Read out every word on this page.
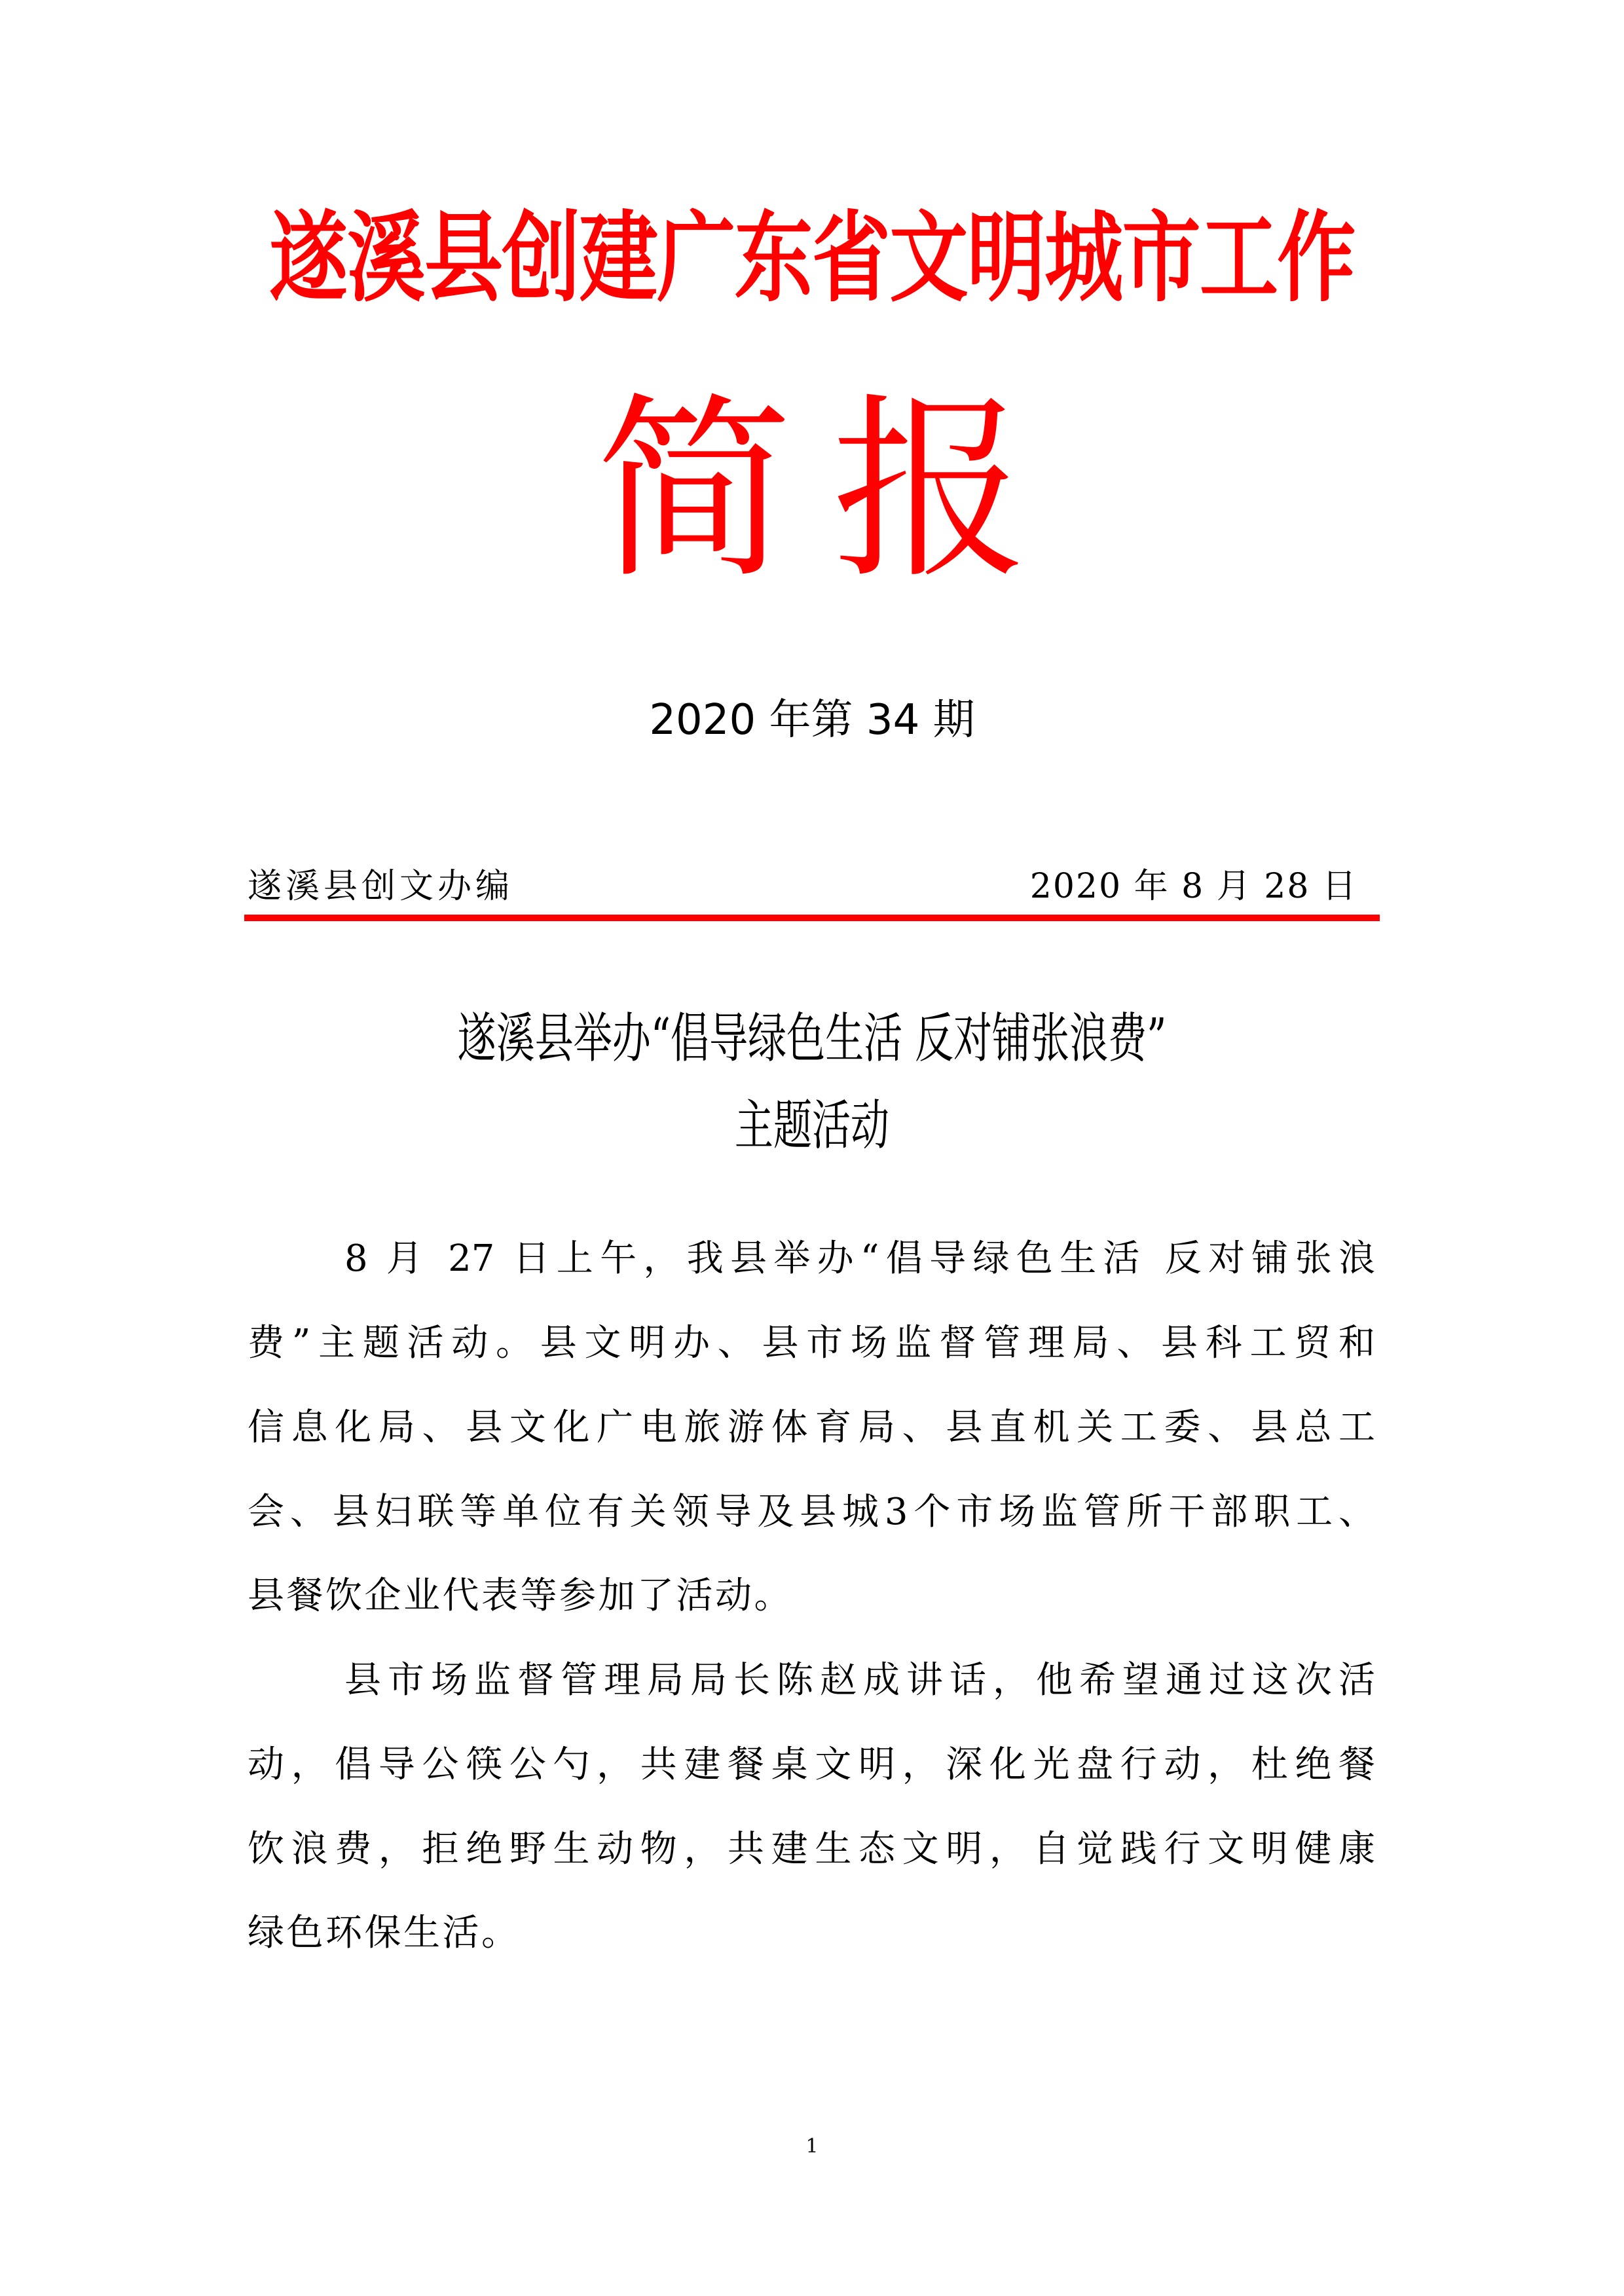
遂溪县创建广东省文明城市工作
简 报
2020 年第 34 期
遂溪县创文办编	2020 年 8 月 28 日
遂溪县举办“倡导绿色生活 反对铺张浪费”
主题活动
8 月 27 日上午，我县举办“倡导绿色生活 反对铺张浪
费”主题活动。县文明办、县市场监督管理局、县科工贸和
信息化局、县文化广电旅游体育局、县直机关工委、县总工
会、县妇联等单位有关领导及县城3个市场监管所干部职工、
县餐饮企业代表等参加了活动。
县市场监督管理局局长陈赵成讲话，他希望通过这次活
动，倡导公筷公勺，共建餐桌文明，深化光盘行动，杜绝餐
饮浪费，拒绝野生动物，共建生态文明，自觉践行文明健康
绿色环保生活。
1
